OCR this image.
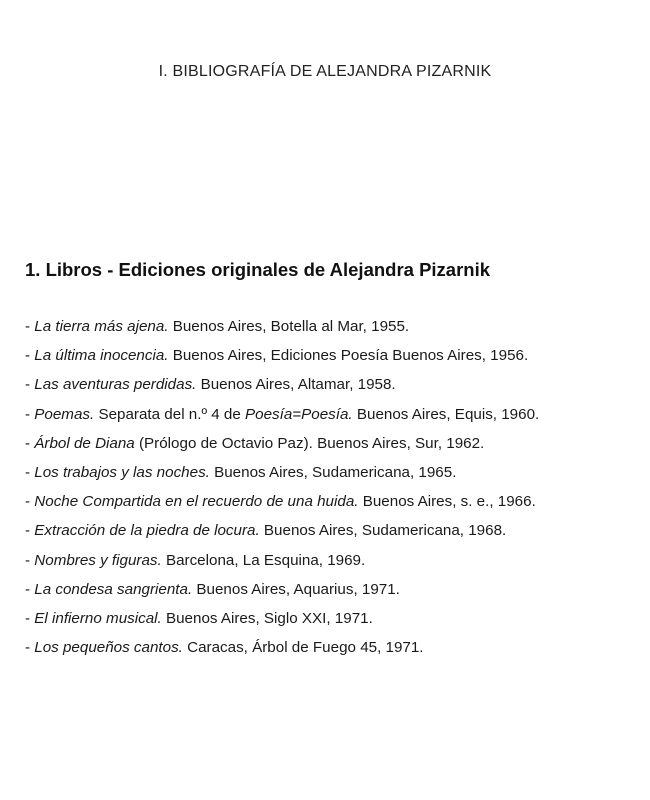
I. BIBLIOGRAFÍA DE ALEJANDRA PIZARNIK
1. Libros - Ediciones originales de Alejandra Pizarnik
- La tierra más ajena. Buenos Aires, Botella al Mar, 1955.
- La última inocencia. Buenos Aires, Ediciones Poesía Buenos Aires, 1956.
- Las aventuras perdidas. Buenos Aires, Altamar, 1958.
- Poemas. Separata del n.º 4 de Poesía=Poesía. Buenos Aires, Equis, 1960.
- Árbol de Diana (Prólogo de Octavio Paz). Buenos Aires, Sur, 1962.
- Los trabajos y las noches. Buenos Aires, Sudamericana, 1965.
- Noche Compartida en el recuerdo de una huida. Buenos Aires, s. e., 1966.
- Extracción de la piedra de locura. Buenos Aires, Sudamericana, 1968.
- Nombres y figuras. Barcelona, La Esquina, 1969.
- La condesa sangrienta. Buenos Aires, Aquarius, 1971.
- El infierno musical. Buenos Aires, Siglo XXI, 1971.
- Los pequeños cantos. Caracas, Árbol de Fuego 45, 1971.
